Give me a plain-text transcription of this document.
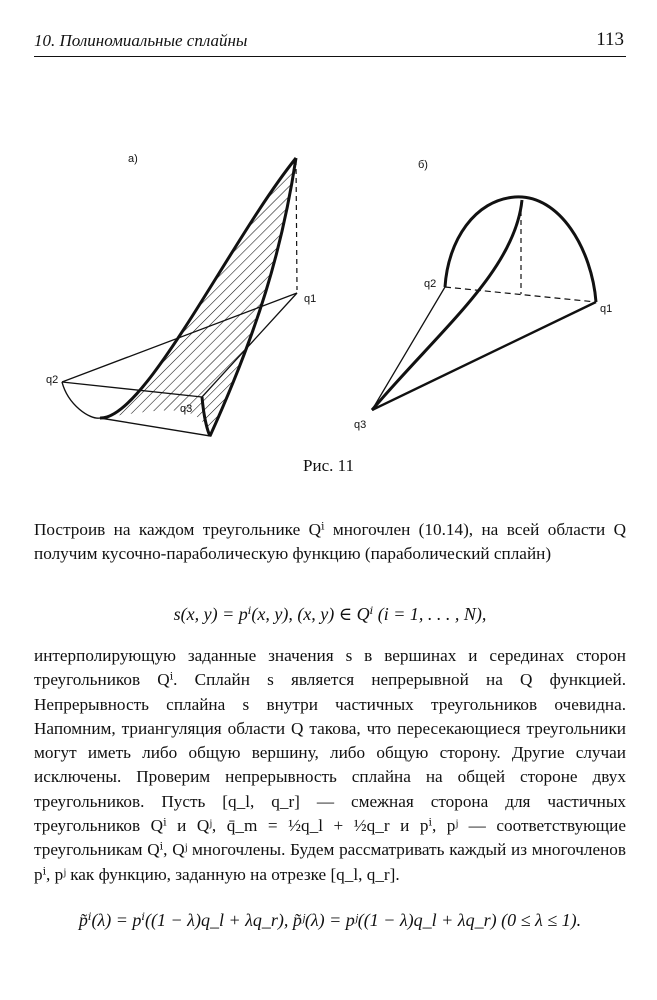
10. Полиномиальные сплайны	113
а)
q1
q2
q3
б)
q2
q1
q3
Рис. 11
Построив на каждом треугольнике Qⁱ многочлен (10.14), на всей области Q получим кусочно-параболическую функцию (параболический сплайн)
s(x, y) = pⁱ(x, y), (x, y) ∈ Qⁱ (i = 1, . . . , N),
интерполирующую заданные значения s в вершинах и серединах сторон треугольников Qⁱ. Сплайн s является непрерывной на Q функцией. Непрерывность сплайна s внутри частичных треугольников очевидна. Напомним, триангуляция области Q такова, что пересекающиеся треугольники могут иметь либо общую вершину, либо общую сторону. Другие случаи исключены. Проверим непрерывность сплайна на общей стороне двух треугольников. Пусть [q_l, q_r] — смежная сторона для частичных треугольников Qⁱ и Qʲ, q̄_m = ½q_l + ½q_r и pⁱ, pʲ — соответствующие треугольникам Qⁱ, Qʲ многочлены. Будем рассматривать каждый из многочленов pⁱ, pʲ как функцию, заданную на отрезке [q_l, q_r].
p̃ⁱ(λ) = pⁱ((1 − λ)q_l + λq_r), p̃ʲ(λ) = pʲ((1 − λ)q_l + λq_r) (0 ≤ λ ≤ 1).
